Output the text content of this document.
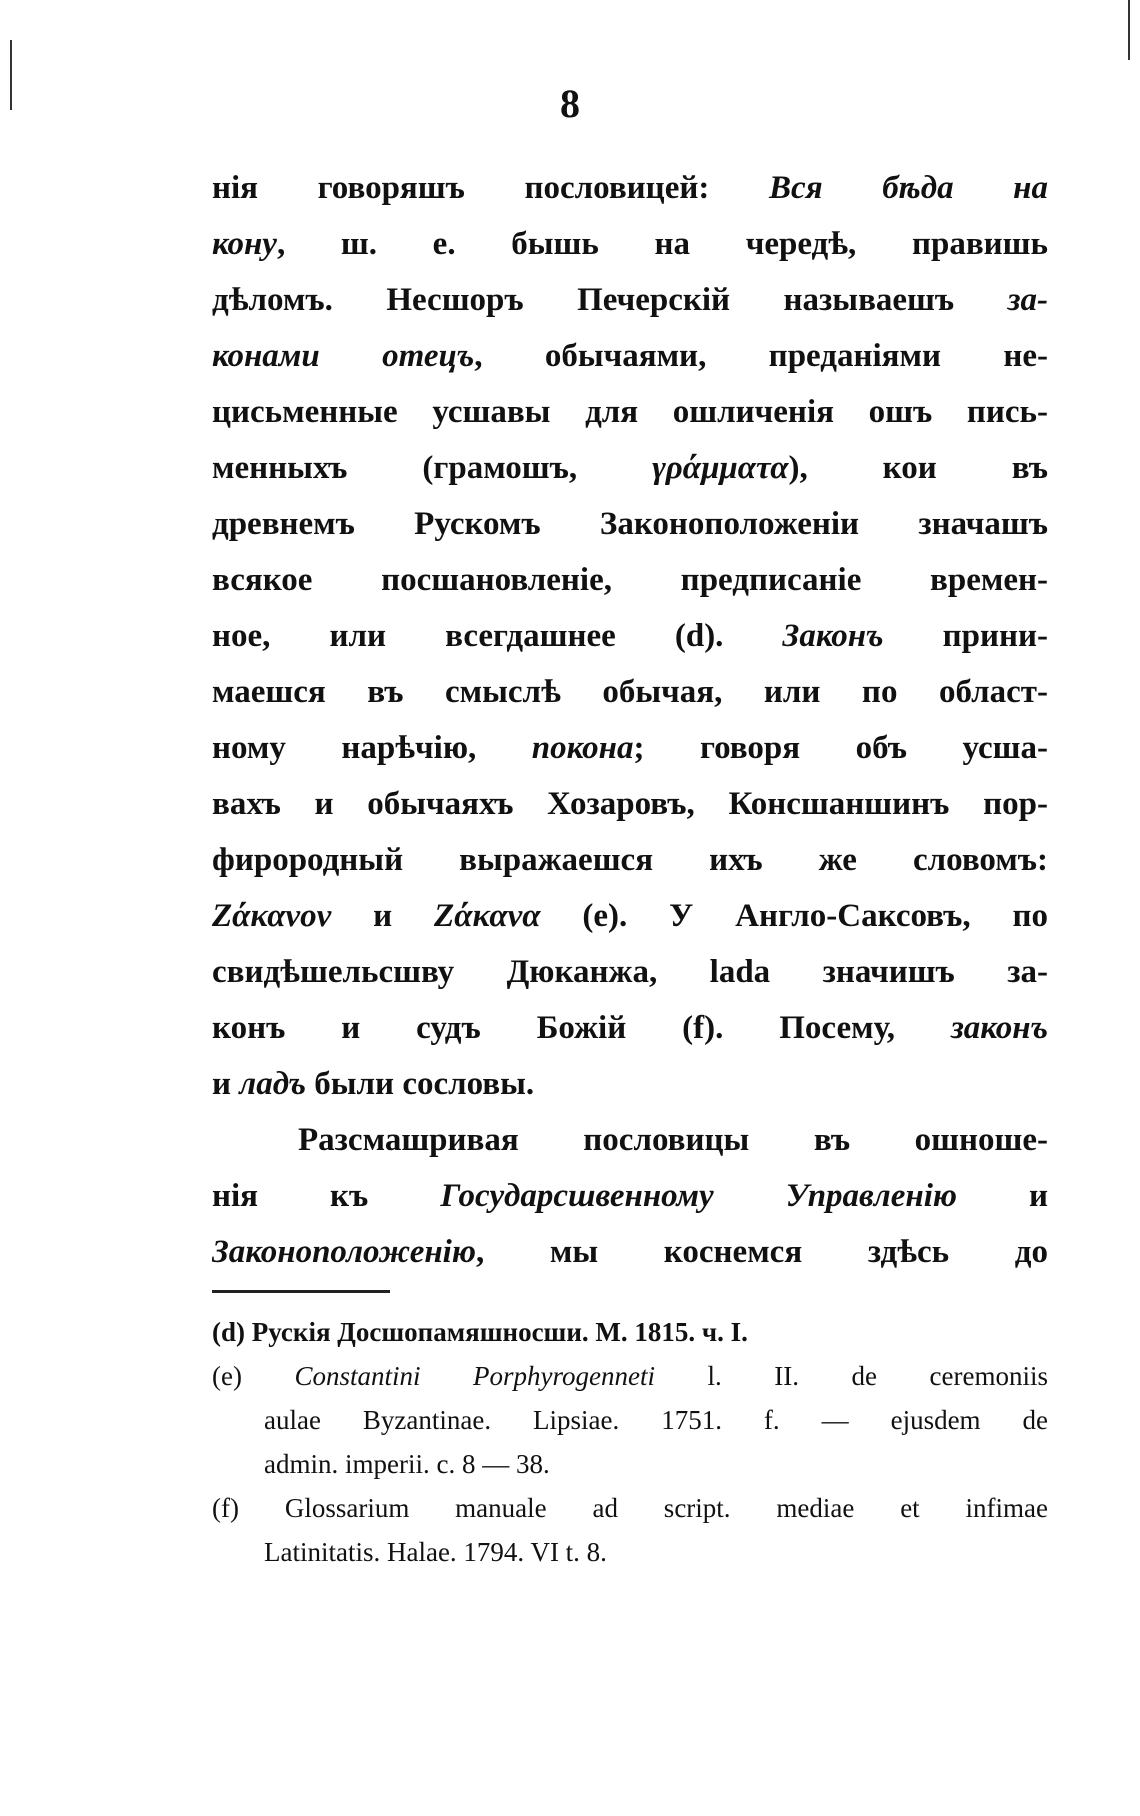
8
нія говоряшъ пословицей: Вся бѣда на
кону, ш. е. бышь на чередѣ, правишь
дѣломъ. Несшоръ Печерскій называешъ за-
конами отецъ, обычаями, преданіями не-
цисьменные усшавы для ошличенія ошъ пись-
менныхъ (грамошъ, γράμματα), кои въ
древнемъ Рускомъ Законоположеніи значашъ
всякое посшановленіе, предписаніе времен-
ное, или всегдашнее (d). Законъ прини-
маешся въ смыслѣ обычая, или по област-
ному нарѣчію, покона; говоря объ усша-
вахъ и обычаяхъ Хозаровъ, Консшаншинъ пор-
фирородный выражаешся ихъ же словомъ:
Ζάκανον и Ζάκανα (e). У Англо-Саксовъ, по
свидѣшельсшву Дюканжа, lada значишъ за-
конъ и судъ Божій (f). Посему, законъ
и ладъ были сословы.
Разсмашривая пословицы въ ошноше-
нія къ Государсшвенному Управленію и
Законоположенію, мы коснемся здѣсь до
(d) Рускія Досшопамяшносши. М. 1815. ч. I.
(e) Constantini Porphyrogenneti l. II. de ceremoniis
aulae Byzantinae. Lipsiae. 1751. f. — ejusdem de
admin. imperii. c. 8 — 38.
(f) Glossarium manuale ad script. mediae et infimae
Latinitatis. Halae. 1794. VI t. 8.
